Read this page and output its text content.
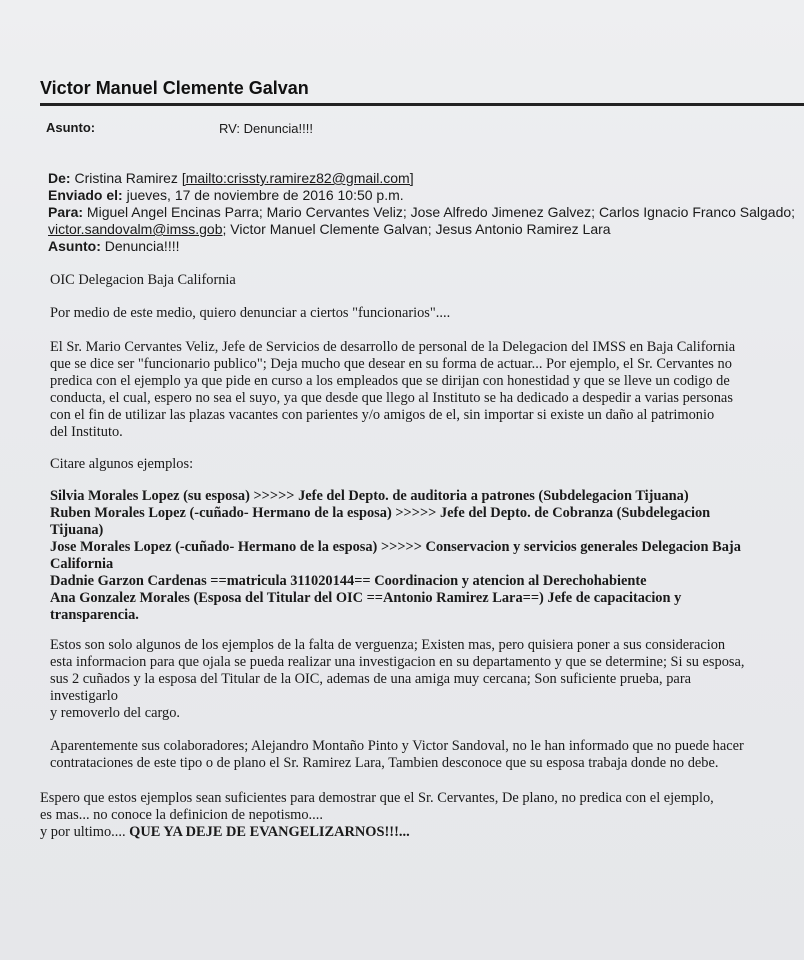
Victor Manuel Clemente Galvan
Asunto:	RV: Denuncia!!!!
De: Cristina Ramirez [mailto:crissty.ramirez82@gmail.com]
Enviado el: jueves, 17 de noviembre de 2016 10:50 p.m.
Para: Miguel Angel Encinas Parra; Mario Cervantes Veliz; Jose Alfredo Jimenez Galvez; Carlos Ignacio Franco Salgado;
victor.sandovalm@imss.gob; Victor Manuel Clemente Galvan; Jesus Antonio Ramirez Lara
Asunto: Denuncia!!!!
OIC Delegacion Baja California
Por medio de este medio, quiero denunciar a ciertos "funcionarios"....
El Sr. Mario Cervantes Veliz, Jefe de Servicios de desarrollo de personal de la Delegacion del IMSS en Baja California
que se dice ser "funcionario publico"; Deja mucho que desear en su forma de actuar... Por ejemplo, el Sr. Cervantes no
predica con el ejemplo ya que pide en curso a los empleados que se dirijan con honestidad y que se lleve un codigo de
conducta, el cual, espero no sea el suyo, ya que desde que llego al Instituto se ha dedicado a despedir a varias personas
con el fin de utilizar las plazas vacantes con parientes y/o amigos de el, sin importar si existe un daño al patrimonio
del Instituto.
Citare algunos ejemplos:
Silvia Morales Lopez (su esposa) >>>>> Jefe del Depto. de auditoria a patrones (Subdelegacion Tijuana)
Ruben Morales Lopez (-cuñado- Hermano de la esposa) >>>>> Jefe del Depto. de Cobranza (Subdelegacion
Tijuana)
Jose Morales Lopez (-cuñado- Hermano de la esposa) >>>>> Conservacion y servicios generales Delegacion Baja
California
Dadnie Garzon Cardenas ==matricula 311020144== Coordinacion y atencion al Derechohabiente
Ana Gonzalez Morales (Esposa del Titular del OIC ==Antonio Ramirez Lara==) Jefe de capacitacion y
transparencia.
Estos son solo algunos de los ejemplos de la falta de verguenza; Existen mas, pero quisiera poner a sus consideracion
esta informacion para que ojala se pueda realizar una investigacion en su departamento y que se determine; Si su esposa,
sus 2 cuñados y la esposa del Titular de la OIC, ademas de una amiga muy cercana; Son suficiente prueba, para
investigarlo
y removerlo del cargo.
Aparentemente sus colaboradores; Alejandro Montaño Pinto y Victor Sandoval, no le han informado que no puede hacer
contrataciones de este tipo o de plano el Sr. Ramirez Lara, Tambien desconoce que su esposa trabaja donde no debe.
Espero que estos ejemplos sean suficientes para demostrar que el Sr. Cervantes, De plano, no predica con el ejemplo,
es mas... no conoce la definicion de nepotismo....
y por ultimo.... QUE YA DEJE DE EVANGELIZARNOS!!!...
